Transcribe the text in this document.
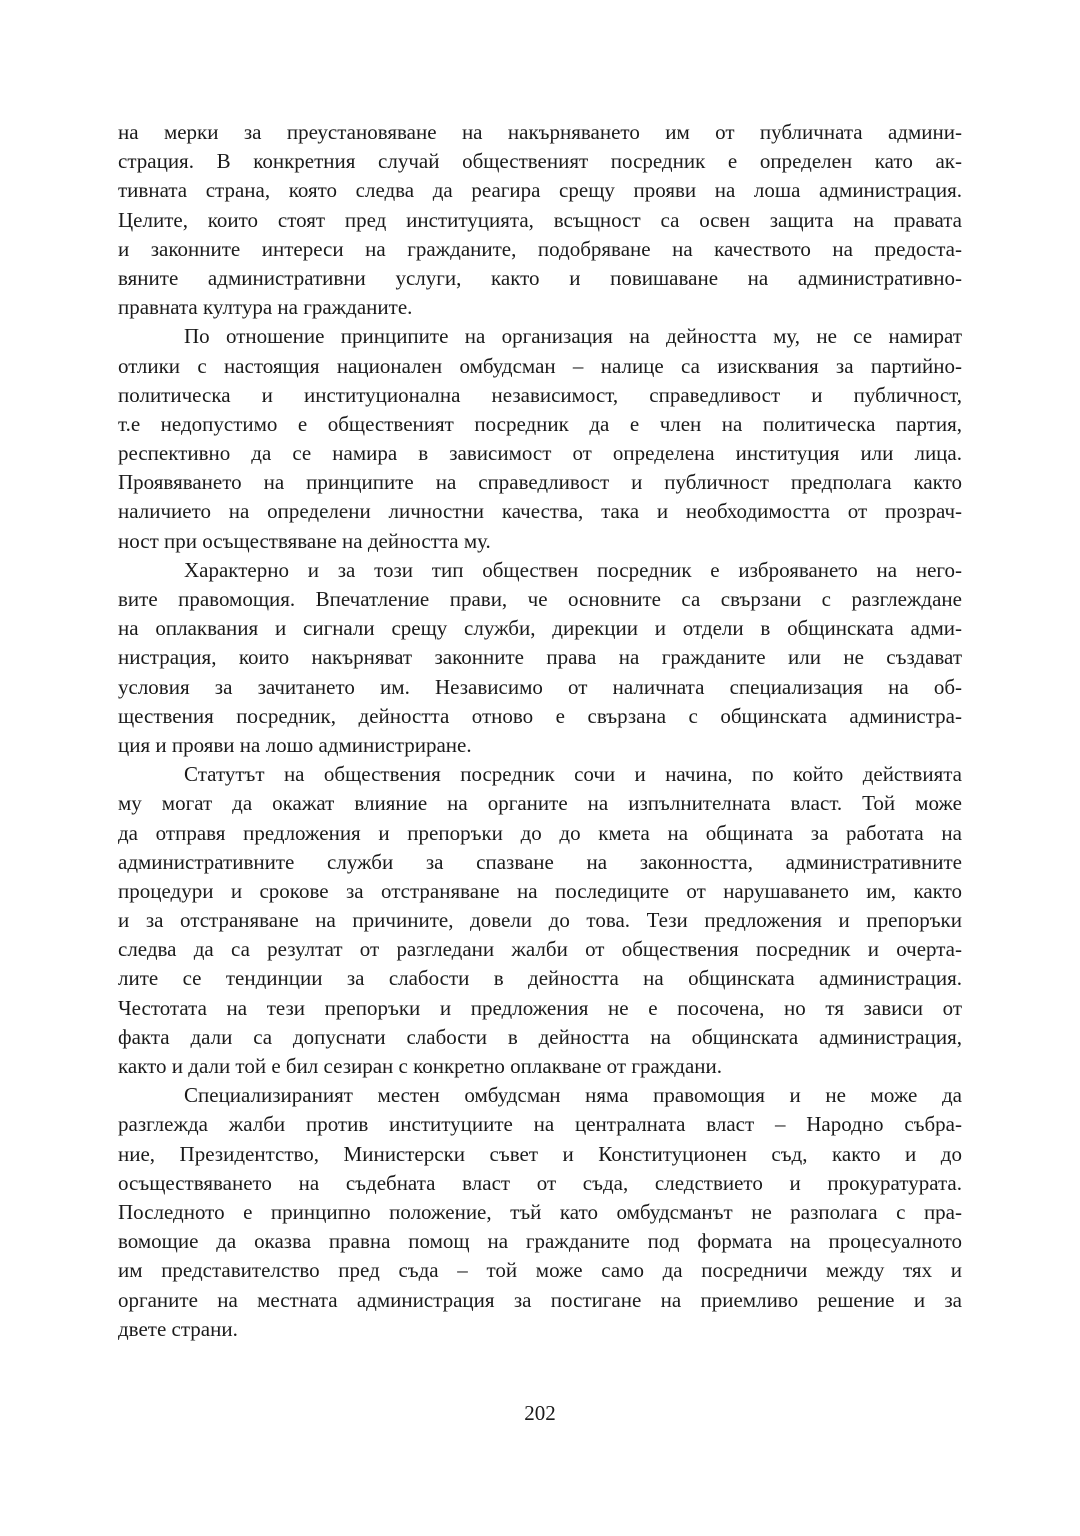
на мерки за преустановяване на накърняването им от публичната админи-
страция. В конкретния случай общественият посредник е определен като ак-
тивната страна, която следва да реагира срещу прояви на лоша администрация.
Целите, които стоят пред институцията, всъщност са освен защита на правата
и законните интереси на гражданите, подобряване на качеството на предоста-
вяните административни услуги, както и повишаване на административно-
правната култура на гражданите.
По отношение принципите на организация на дейността му, не се намират
отлики с настоящия национален омбудсман – налице са изисквания за партийно-
политическа и институционална независимост, справедливост и публичност,
т.е недопустимо е общественият посредник да е член на политическа партия,
респективно да се намира в зависимост от определена институция или лица.
Проявяването на принципите на справедливост и публичност предполага както
наличието на определени личностни качества, така и необходимостта от прозрач-
ност при осъществяване на дейността му.
Характерно и за този тип обществен посредник е изброяването на него-
вите правомощия. Впечатление прави, че основните са свързани с разглеждане
на оплаквания и сигнали срещу служби, дирекции и отдели в общинската адми-
нистрация, които накърняват законните права на гражданите или не създават
условия за зачитането им. Независимо от наличната специализация на об-
ществения посредник, дейността отново е свързана с общинската администра-
ция и прояви на лошо администриране.
Статутът на обществения посредник сочи и начина, по който действията
му могат да окажат влияние на органите на изпълнителната власт. Той може
да отправя предложения и препоръки до до кмета на общината за работата на
административните служби за спазване на законността, административните
процедури и срокове за отстраняване на последиците от нарушаването им, както
и за отстраняване на причините, довели до това. Тези предложения и препоръки
следва да са резултат от разгледани жалби от обществения посредник и очерта-
лите се тендинции за слабости в дейността на общинската администрация.
Честотата на тези препоръки и предложения не е посочена, но тя зависи от
факта дали са допуснати слабости в дейността на общинската администрация,
както и дали той е бил сезиран с конкретно оплакване от граждани.
Специализираният местен омбудсман няма правомощия и не може да
разглежда жалби против институциите на централната власт – Народно събра-
ние, Президентство, Министерски съвет и Конституционен съд, както и до
осъществяването на съдебната власт от съда, следствието и прокуратурата.
Последното е принципно положение, тъй като омбудсманът не разполага с пра-
вомощие да оказва правна помощ на гражданите под формата на процесуалното
им представителство пред съда – той може само да посредничи между тях и
органите на местната администрация за постигане на приемливо решение и за
двете страни.
202
